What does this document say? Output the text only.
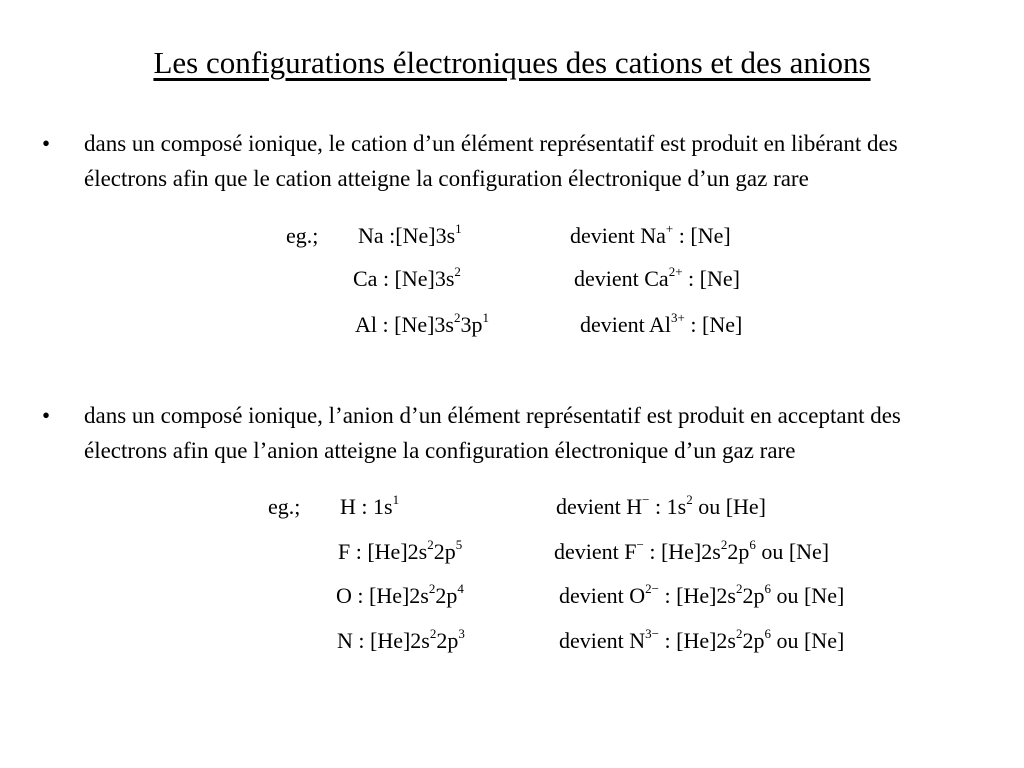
Les configurations électroniques des cations et des anions
• dans un composé ionique, le cation d’un élément représentatif est produit en libérant des électrons afin que le cation atteigne la configuration électronique d’un gaz rare
eg.; Na $:[Ne]3s^1$	devient Na+ : [Ne]
Ca : $[Ne]3s^2$	devient $Ca^{2+}$ : [Ne]
Al : $[Ne]3s^23p^1$	devient $Al^{3+}$ : [Ne]
• dans un composé ionique, l’anion d’un élément représentatif est produit en acceptant des électrons afin que l’anion atteigne la configuration électronique d’un gaz rare
eg.; H : $1s^1$	devient H− : $1s^2$ ou [He]
F : $[He]2s^22p^5$	devient F− : $[He]2s^22p^6$ ou [Ne]
O : $[He]2s^22p^4$	devient $O^{2-}$ : $[He]2s^22p^6$ ou [Ne]
N : $[He]2s^22p^3$	devient $N^{3-}$ : $[He]2s^22p^6$ ou [Ne]
